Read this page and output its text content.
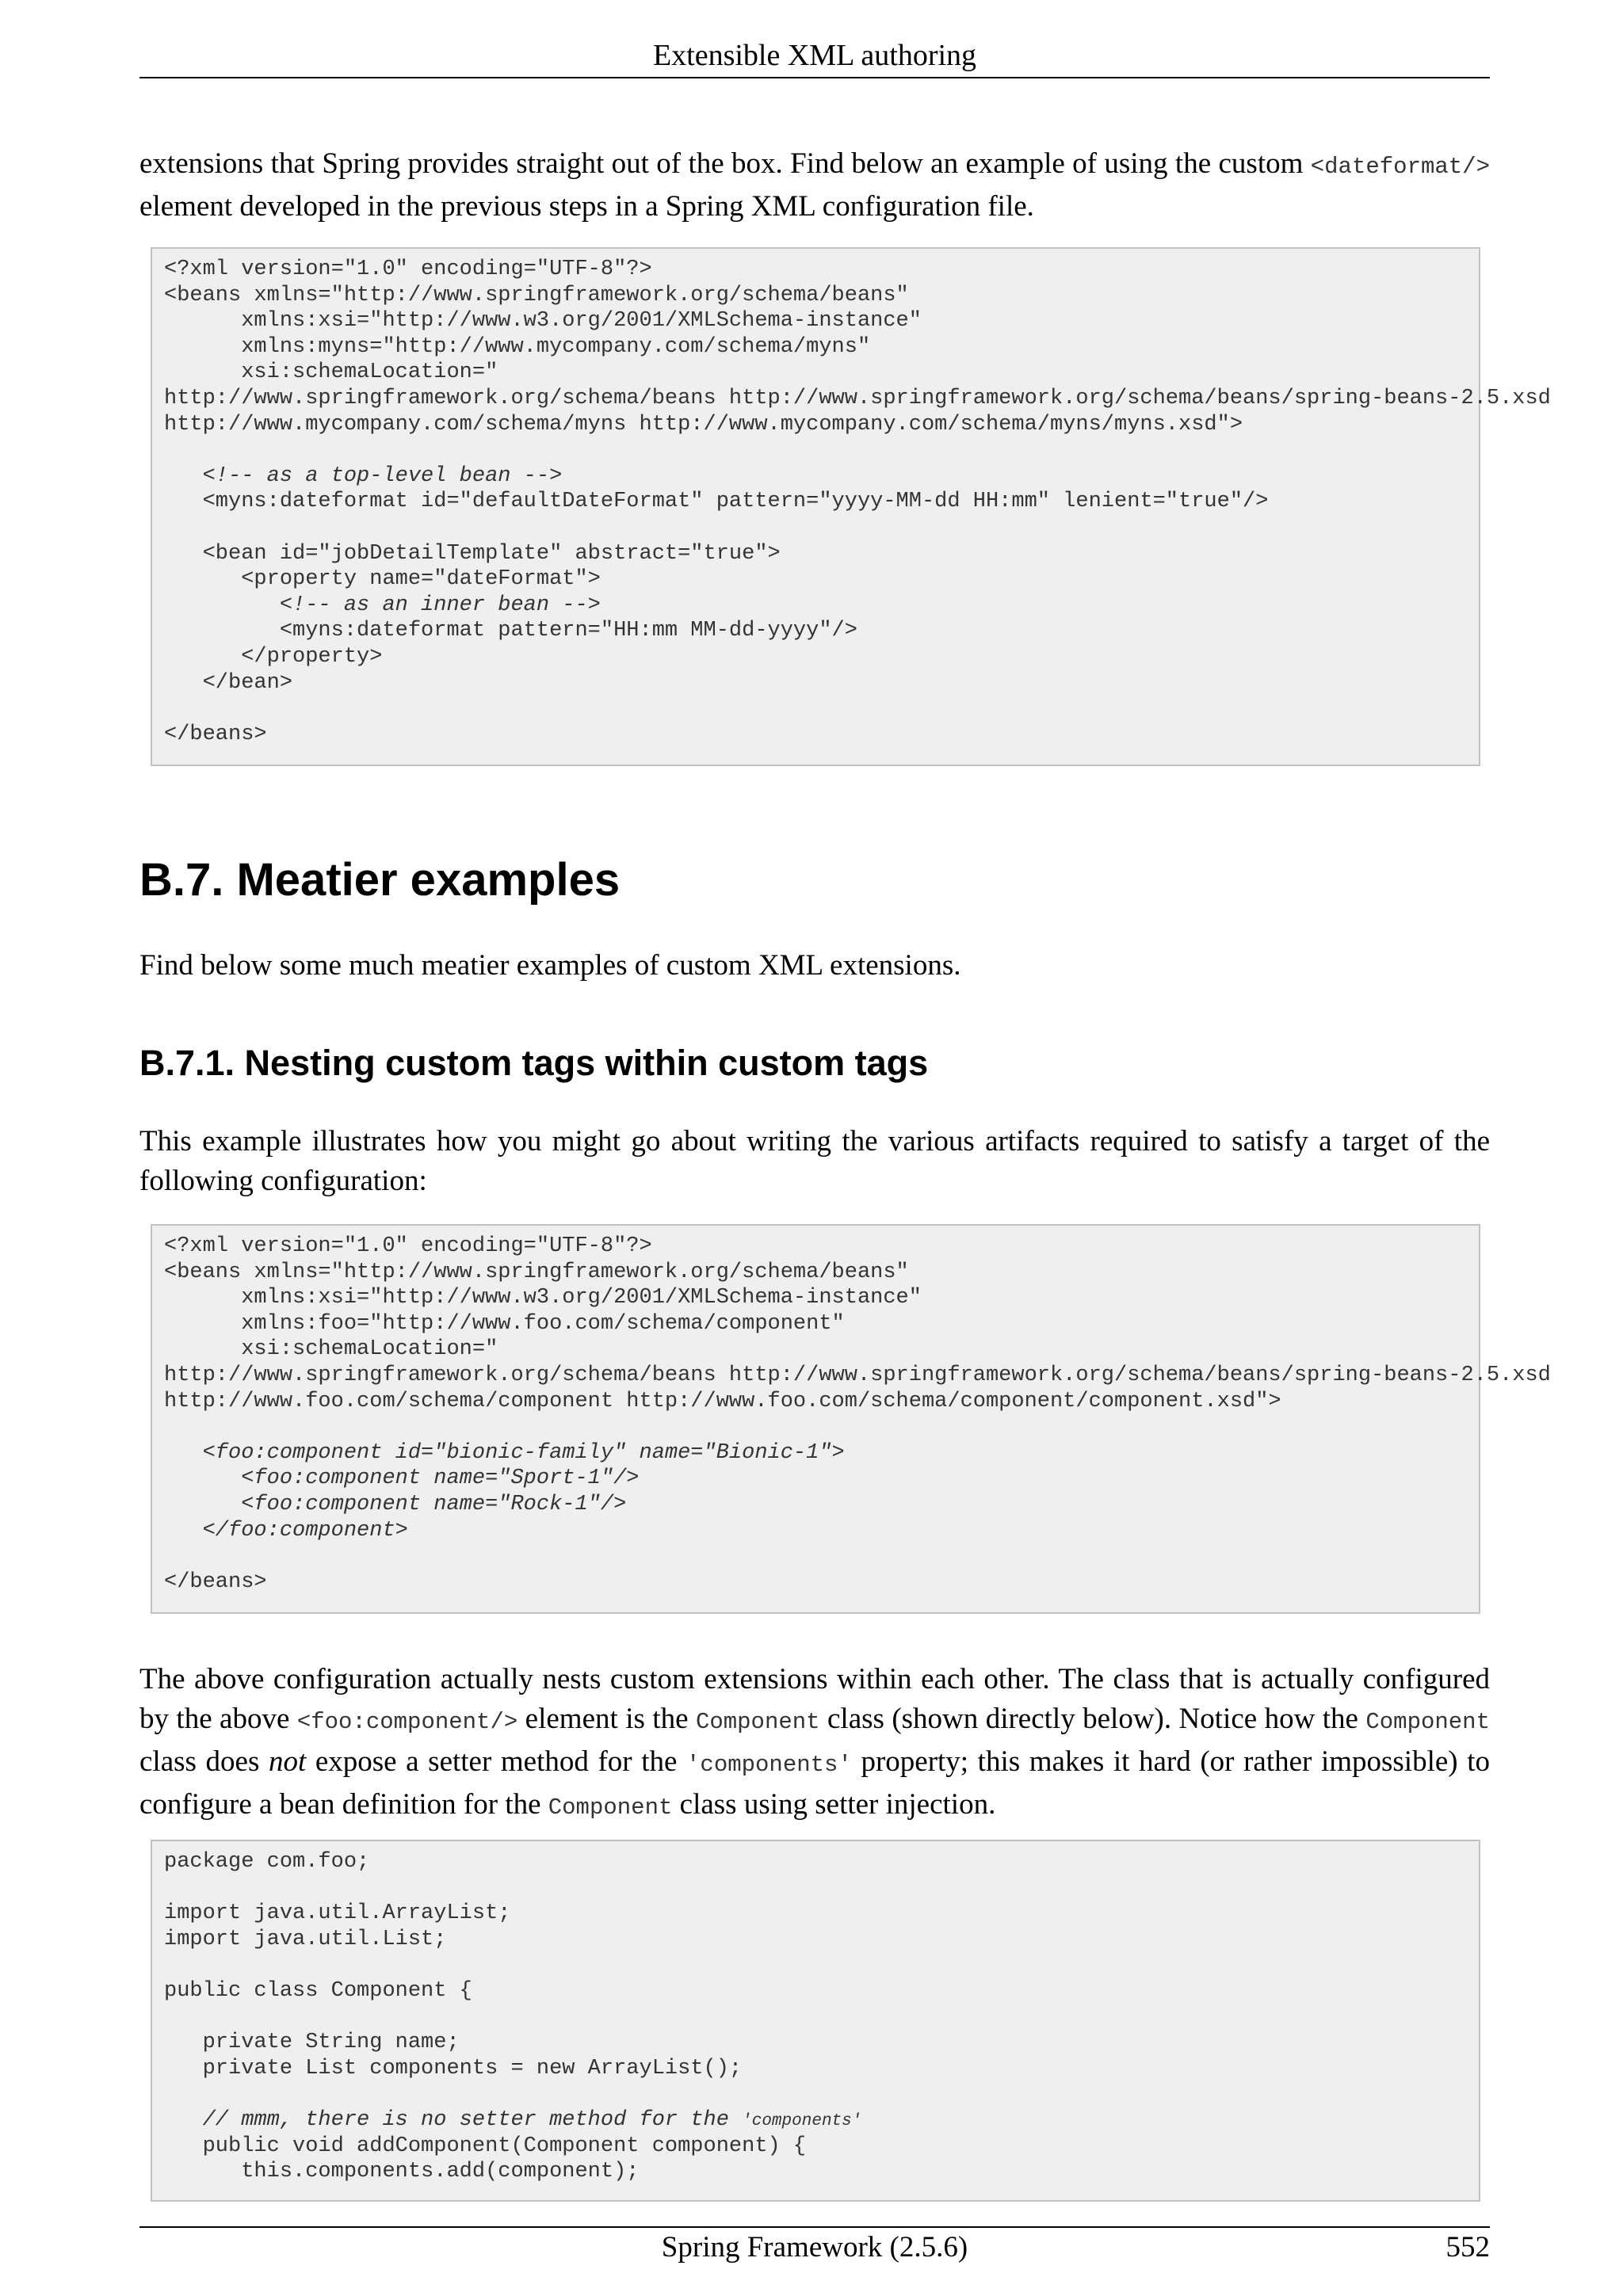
Extensible XML authoring
extensions that Spring provides straight out of the box. Find below an example of using the custom <dateformat/> element developed in the previous steps in a Spring XML configuration file.
<?xml version="1.0" encoding="UTF-8"?>
<beans xmlns="http://www.springframework.org/schema/beans"
xmlns:xsi="http://www.w3.org/2001/XMLSchema-instance"
xmlns:myns="http://www.mycompany.com/schema/myns"
xsi:schemaLocation="
http://www.springframework.org/schema/beans http://www.springframework.org/schema/beans/spring-beans-2.5.xsd
http://www.mycompany.com/schema/myns http://www.mycompany.com/schema/myns/myns.xsd">
<!-- as a top-level bean -->
<myns:dateformat id="defaultDateFormat" pattern="yyyy-MM-dd HH:mm" lenient="true"/>
<bean id="jobDetailTemplate" abstract="true">
<property name="dateFormat">
<!-- as an inner bean -->
<myns:dateformat pattern="HH:mm MM-dd-yyyy"/>
</property>
</bean>
</beans>
B.7. Meatier examples
Find below some much meatier examples of custom XML extensions.
B.7.1. Nesting custom tags within custom tags
This example illustrates how you might go about writing the various artifacts required to satisfy a target of the following configuration:
<?xml version="1.0" encoding="UTF-8"?>
<beans xmlns="http://www.springframework.org/schema/beans"
xmlns:xsi="http://www.w3.org/2001/XMLSchema-instance"
xmlns:foo="http://www.foo.com/schema/component"
xsi:schemaLocation="
http://www.springframework.org/schema/beans http://www.springframework.org/schema/beans/spring-beans-2.5.xsd
http://www.foo.com/schema/component http://www.foo.com/schema/component/component.xsd">
<foo:component id="bionic-family" name="Bionic-1">
<foo:component name="Sport-1"/>
<foo:component name="Rock-1"/>
</foo:component>
</beans>
The above configuration actually nests custom extensions within each other. The class that is actually configured by the above <foo:component/> element is the Component class (shown directly below). Notice how the Component class does not expose a setter method for the 'components' property; this makes it hard (or rather impossible) to configure a bean definition for the Component class using setter injection.
package com.foo;
import java.util.ArrayList;
import java.util.List;
public class Component {
private String name;
private List components = new ArrayList();
// mmm, there is no setter method for the 'components'
public void addComponent(Component component) {
this.components.add(component);
Spring Framework (2.5.6)	552
